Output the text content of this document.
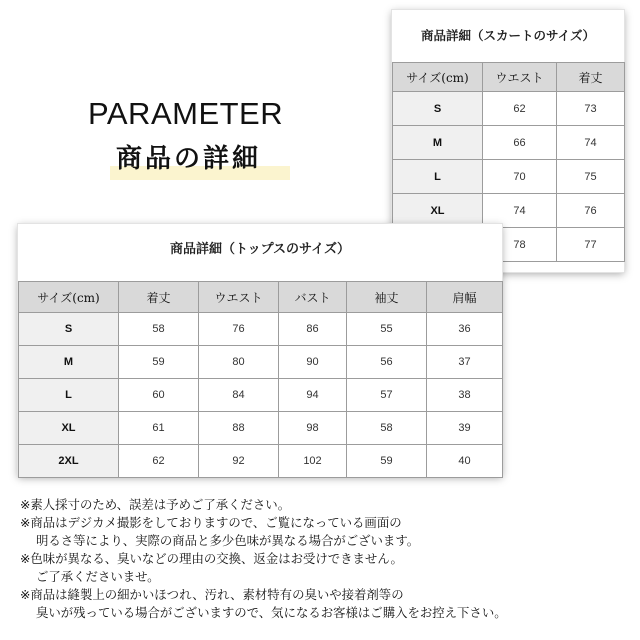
PARAMETER
商品の詳細
商品詳細（スカートのサイズ）
サイズ(cm)	ウエスト	着丈
S	62	73
M	66	74
L	70	75
XL	74	76
	78	77
商品詳細（トップスのサイズ）
サイズ(cm)	着丈	ウエスト	バスト	袖丈	肩幅
S	58	76	86	55	36
M	59	80	90	56	37
L	60	84	94	57	38
XL	61	88	98	58	39
2XL	62	92	102	59	40

※素人採寸のため、誤差は予めご了承ください。

※商品はデジカメ撮影をしておりますので、ご覧になっている画面の

明るさ等により、実際の商品と多少色味が異なる場合がございます。

※色味が異なる、臭いなどの理由の交換、返金はお受けできません。

ご了承くださいませ。

※商品は縫製上の細かいほつれ、汚れ、素材特有の臭いや接着剤等の

臭いが残っている場合がございますので、気になるお客様はご購入をお控え下さい。
